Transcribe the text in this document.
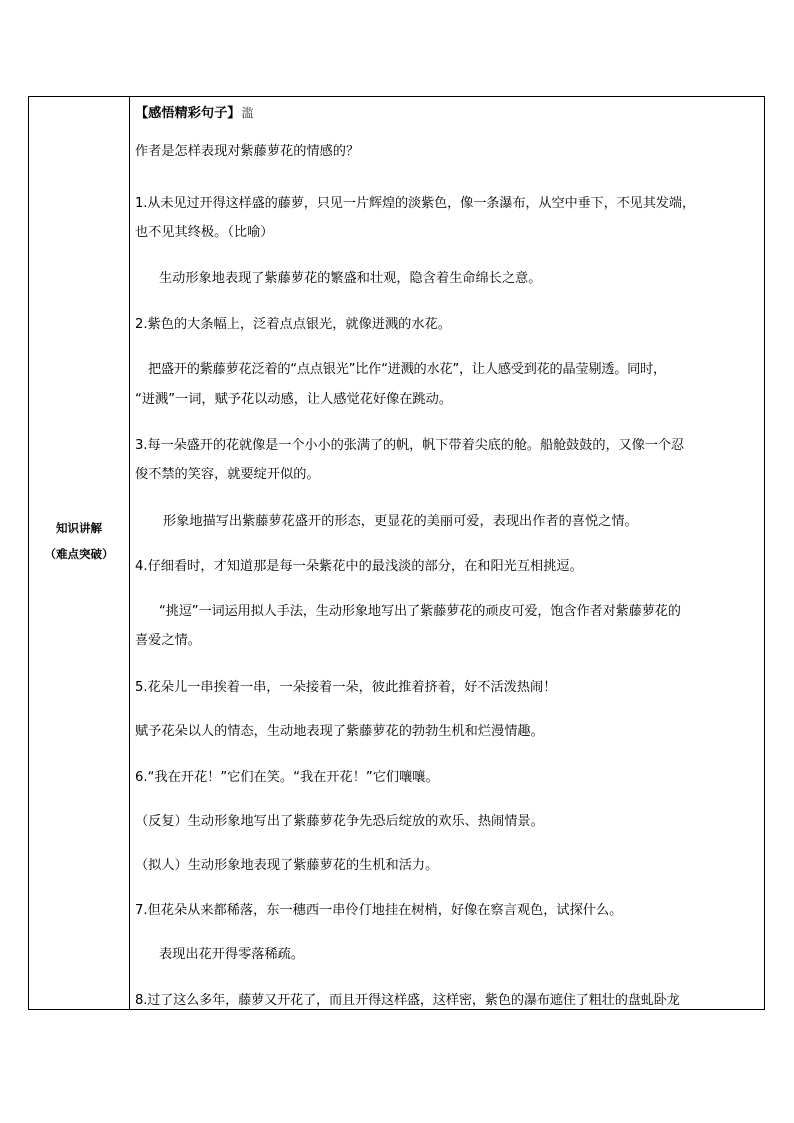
知识讲解
（难点突破）

【感悟精彩句子】滥

作者是怎样表现对紫藤萝花的情感的？

1.从未见过开得这样盛的藤萝，只见一片辉煌的淡紫色，像一条瀑布，从空中垂下，不见其发端，

也不见其终极。（比喻）

生动形象地表现了紫藤萝花的繁盛和壮观，隐含着生命绵长之意。

2.紫色的大条幅上，泛着点点银光，就像迸溅的水花。

把盛开的紫藤萝花泛着的“点点银光”比作“迸溅的水花”，让人感受到花的晶莹剔透。同时，

“迸溅”一词，赋予花以动感，让人感觉花好像在跳动。

3.每一朵盛开的花就像是一个小小的张满了的帆，帆下带着尖底的舱。船舱鼓鼓的，又像一个忍

俊不禁的笑容，就要绽开似的。

形象地描写出紫藤萝花盛开的形态，更显花的美丽可爱，表现出作者的喜悦之情。

4.仔细看时，才知道那是每一朵紫花中的最浅淡的部分，在和阳光互相挑逗。

“挑逗”一词运用拟人手法，生动形象地写出了紫藤萝花的顽皮可爱，饱含作者对紫藤萝花的

喜爱之情。

5.花朵儿一串挨着一串，一朵接着一朵，彼此推着挤着，好不活泼热闹！

赋予花朵以人的情态，生动地表现了紫藤萝花的勃勃生机和烂漫情趣。

6.“我在开花！”它们在笑。“我在开花！”它们嚷嚷。

（反复）生动形象地写出了紫藤萝花争先恐后绽放的欢乐、热闹情景。

（拟人）生动形象地表现了紫藤萝花的生机和活力。

7.但花朵从来都稀落，东一穗西一串伶仃地挂在树梢，好像在察言观色，试探什么。

表现出花开得零落稀疏。

8.过了这么多年，藤萝又开花了，而且开得这样盛，这样密，紫色的瀑布遮住了粗壮的盘虬卧龙
